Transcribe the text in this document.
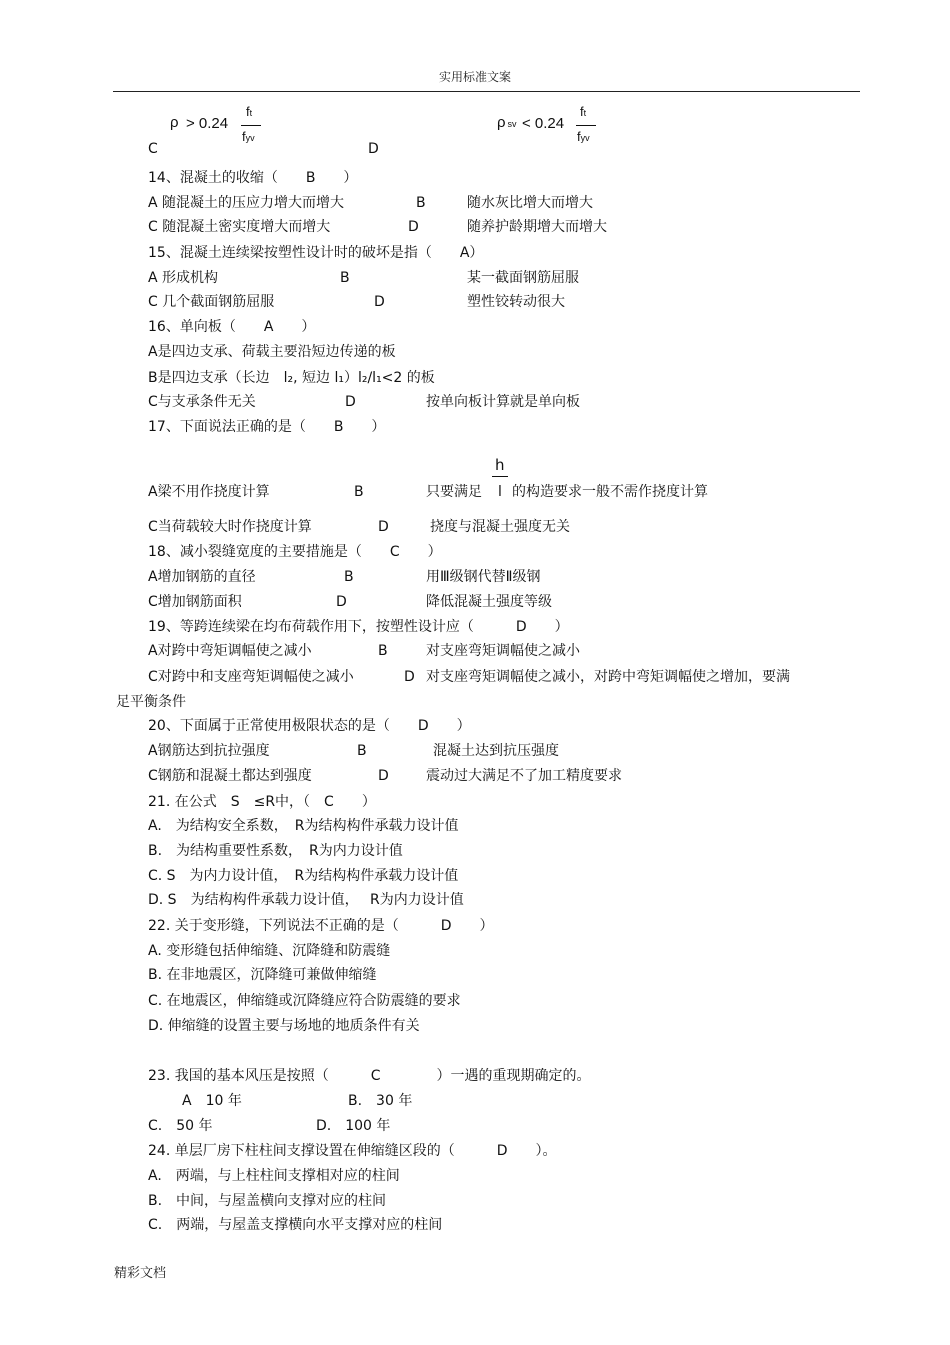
实用标准文案
ρ > 0.24
ft
fyv
C
ρsv < 0.24
ft
fyv
D
14、混凝土的收缩（　　B　　）
A 随混凝土的压应力增大而增大	B	随水灰比增大而增大
C 随混凝土密实度增大而增大	D	随养护龄期增大而增大
15、混凝土连续梁按塑性设计时的破坏是指（　　A）
A 形成机构	B	某一截面钢筋屈服
C 几个截面钢筋屈服	D	塑性铰转动很大
16、单向板（　　A　　）
A是四边支承、荷载主要沿短边传递的板
B是四边支承（长边　l₂, 短边 l₁）l₂/l₁<2 的板
C与支承条件无关	D	按单向板计算就是单向板
17、下面说法正确的是（　　B　　）
A梁不用作挠度计算	B	只要满足
h
l 的构造要求一般不需作挠度计算
C当荷载较大时作挠度计算	D	挠度与混凝土强度无关
18、减小裂缝宽度的主要措施是（　　C　　）
A增加钢筋的直径	B	用Ⅲ级钢代替Ⅱ级钢
C增加钢筋面积	D	降低混凝土强度等级
19、等跨连续梁在均布荷载作用下，按塑性设计应（　　　D　　）
A对跨中弯矩调幅使之减小	B	对支座弯矩调幅使之减小
C对跨中和支座弯矩调幅使之减小	D 对支座弯矩调幅使之减小，对跨中弯矩调幅使之增加，要满
足平衡条件
20、下面属于正常使用极限状态的是（　　D　　）
A钢筋达到抗拉强度	B	混凝土达到抗压强度
C钢筋和混凝土都达到强度	D	震动过大满足不了加工精度要求
21. 在公式　S　≤R中，（　C　　）
A.　为结构安全系数，　R为结构构件承载力设计值
B.　为结构重要性系数，　R为内力设计值
C. S　为内力设计值，　R为结构构件承载力设计值
D. S　为结构构件承载力设计值，　 R为内力设计值
22. 关于变形缝，下列说法不正确的是（　　　D　　）
A. 变形缝包括伸缩缝、沉降缝和防震缝
B. 在非地震区，沉降缝可兼做伸缩缝
C. 在地震区，伸缩缝或沉降缝应符合防震缝的要求
D. 伸缩缝的设置主要与场地的地质条件有关
23. 我国的基本风压是按照（　　　C　　　　）一遇的重现期确定的。
A　10 年	B.　30 年
C.　50 年	D.　100 年
24. 单层厂房下柱柱间支撑设置在伸缩缝区段的（　　　D　　）。
A.　两端，与上柱柱间支撑相对应的柱间
B.　中间，与屋盖横向支撑对应的柱间
C.　两端，与屋盖支撑横向水平支撑对应的柱间
精彩文档
